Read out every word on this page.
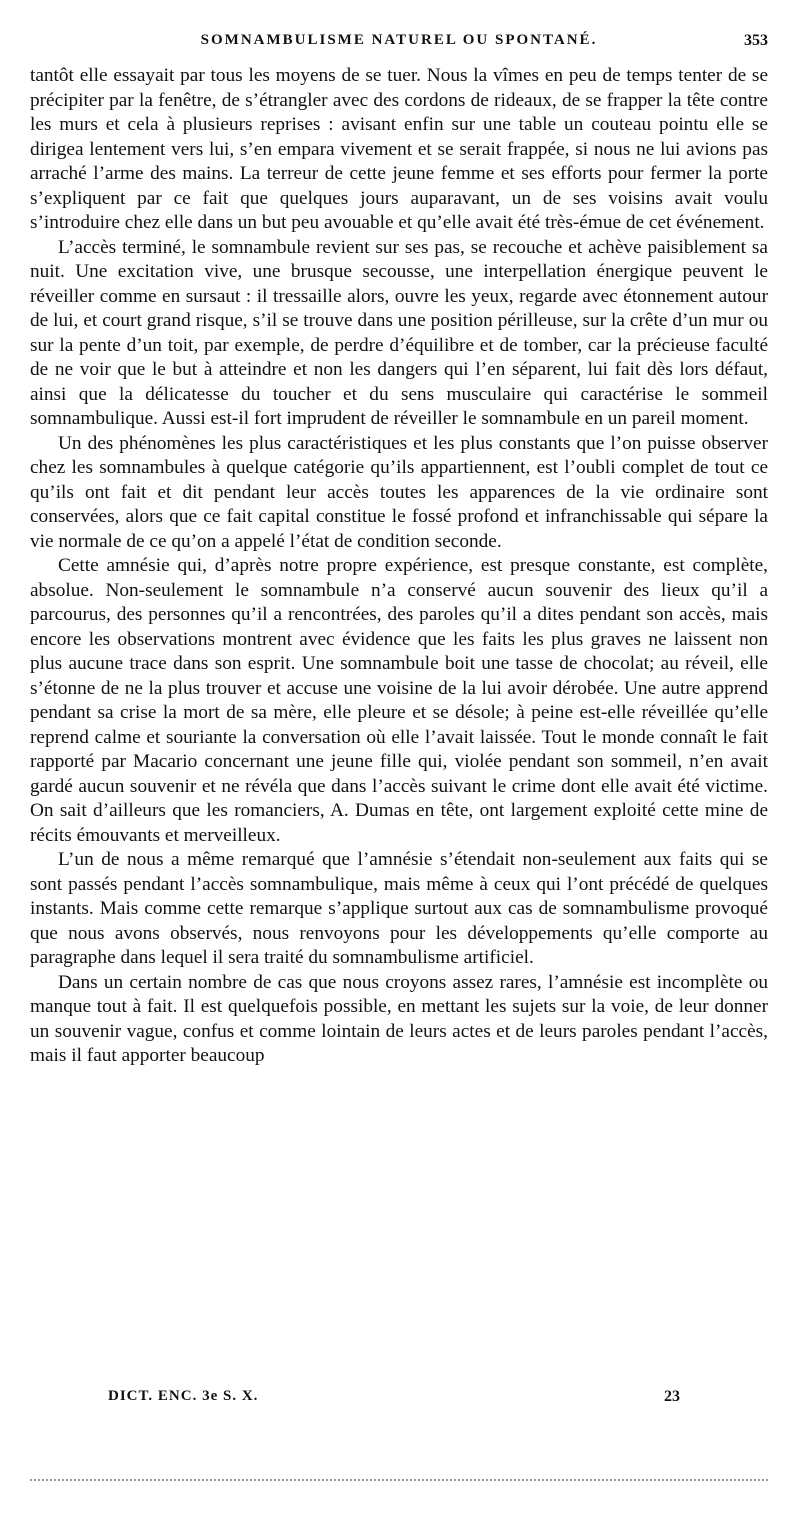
SOMNAMBULISME NATUREL OU SPONTANÉ.	353

tantôt elle essayait par tous les moyens de se tuer. Nous la vîmes en peu de temps tenter de se précipiter par la fenêtre, de s’étrangler avec des cordons de rideaux, de se frapper la tête contre les murs et cela à plusieurs reprises : avisant enfin sur une table un couteau pointu elle se dirigea lentement vers lui, s’en empara vivement et se serait frappée, si nous ne lui avions pas arraché l’arme des mains. La terreur de cette jeune femme et ses efforts pour fermer la porte s’expliquent par ce fait que quelques jours auparavant, un de ses voisins avait voulu s’introduire chez elle dans un but peu avouable et qu’elle avait été très-émue de cet événement.

L’accès terminé, le somnambule revient sur ses pas, se recouche et achève paisiblement sa nuit. Une excitation vive, une brusque secousse, une interpellation énergique peuvent le réveiller comme en sursaut : il tressaille alors, ouvre les yeux, regarde avec étonnement autour de lui, et court grand risque, s’il se trouve dans une position périlleuse, sur la crête d’un mur ou sur la pente d’un toit, par exemple, de perdre d’équilibre et de tomber, car la précieuse faculté de ne voir que le but à atteindre et non les dangers qui l’en séparent, lui fait dès lors défaut, ainsi que la délicatesse du toucher et du sens musculaire qui caractérise le sommeil somnambulique. Aussi est-il fort imprudent de réveiller le somnambule en un pareil moment.

Un des phénomènes les plus caractéristiques et les plus constants que l’on puisse observer chez les somnambules à quelque catégorie qu’ils appartiennent, est l’oubli complet de tout ce qu’ils ont fait et dit pendant leur accès toutes les apparences de la vie ordinaire sont conservées, alors que ce fait capital constitue le fossé profond et infranchissable qui sépare la vie normale de ce qu’on a appelé l’état de condition seconde.

Cette amnésie qui, d’après notre propre expérience, est presque constante, est complète, absolue. Non-seulement le somnambule n’a conservé aucun souvenir des lieux qu’il a parcourus, des personnes qu’il a rencontrées, des paroles qu’il a dites pendant son accès, mais encore les observations montrent avec évidence que les faits les plus graves ne laissent non plus aucune trace dans son esprit. Une somnambule boit une tasse de chocolat; au réveil, elle s’étonne de ne la plus trouver et accuse une voisine de la lui avoir dérobée. Une autre apprend pendant sa crise la mort de sa mère, elle pleure et se désole; à peine est-elle réveillée qu’elle reprend calme et souriante la conversation où elle l’avait laissée. Tout le monde connaît le fait rapporté par Macario concernant une jeune fille qui, violée pendant son sommeil, n’en avait gardé aucun souvenir et ne révéla que dans l’accès suivant le crime dont elle avait été victime. On sait d’ailleurs que les romanciers, A. Dumas en tête, ont largement exploité cette mine de récits émouvants et merveilleux.

L’un de nous a même remarqué que l’amnésie s’étendait non-seulement aux faits qui se sont passés pendant l’accès somnambulique, mais même à ceux qui l’ont précédé de quelques instants. Mais comme cette remarque s’applique surtout aux cas de somnambulisme provoqué que nous avons observés, nous renvoyons pour les développements qu’elle comporte au paragraphe dans lequel il sera traité du somnambulisme artificiel.

Dans un certain nombre de cas que nous croyons assez rares, l’amnésie est incomplète ou manque tout à fait. Il est quelquefois possible, en mettant les sujets sur la voie, de leur donner un souvenir vague, confus et comme lointain de leurs actes et de leurs paroles pendant l’accès, mais il faut apporter beaucoup

DICT. ENC. 3e S. X.	23
